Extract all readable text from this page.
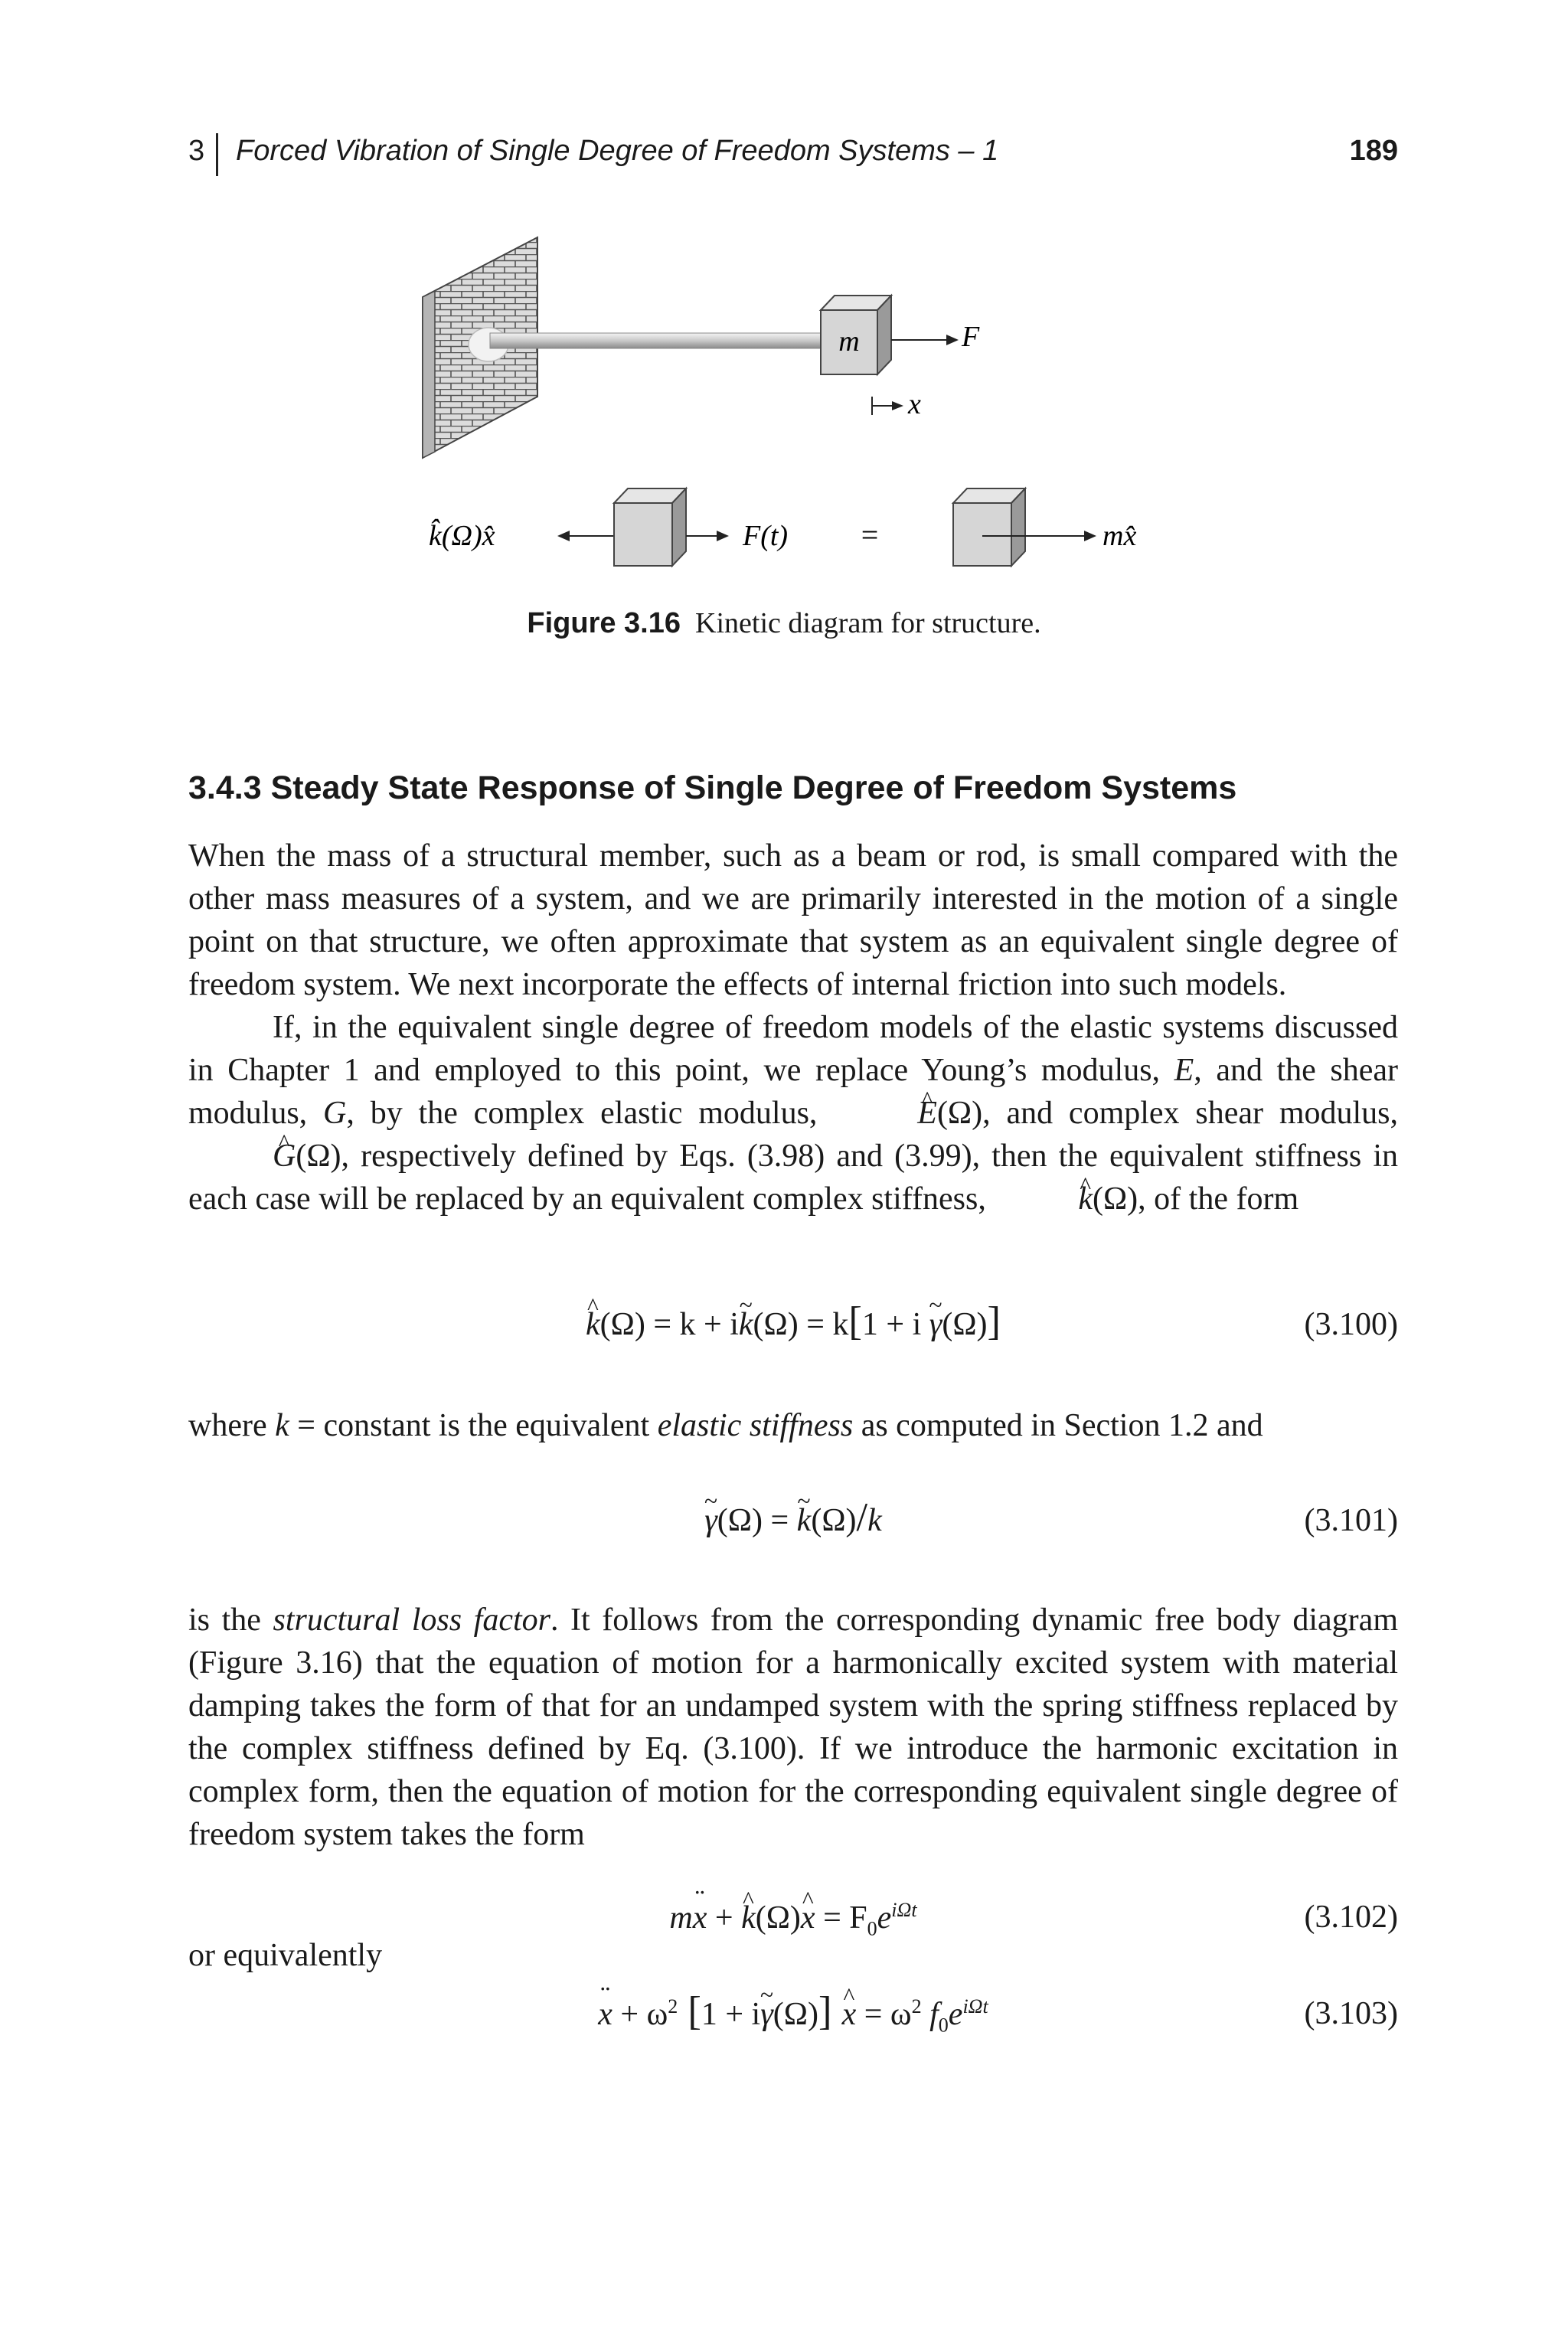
3 Forced Vibration of Single Degree of Freedom Systems – 1	189
m	F
x
k̂(Ω)x̂	F(t) =	mx̂
Figure 3.16 Kinetic diagram for structure.
3.4.3 Steady State Response of Single Degree of Freedom Systems

When the mass of a structural member, such as a beam or rod, is small compared with the other mass measures of a system, and we are primarily interested in the motion of a single point on that structure, we often approximate that system as an equivalent single degree of freedom system. We next incorporate the effects of internal friction into such models.

If, in the equivalent single degree of freedom models of the elastic systems discussed in Chapter 1 and employed to this point, we replace Young’s modulus, E, and the shear modulus, G, by the complex elastic modulus,	^ E(Ω), and complex shear modulus, ^ G(Ω), respectively defined by Eqs. (3.98) and (3.99), then the equivalent stiffness in each case will be replaced by an equivalent complex stiffness,	^ k(Ω), of the form

^ k(Ω) = k + i~ k(Ω) = k[1 + i ~ γ(Ω)]	(3.100)

where k = constant is the equivalent elastic stiffness as computed in Section 1.2 and

~ γ(Ω) = ~ k(Ω)/k	(3.101)

is the structural loss factor. It follows from the corresponding dynamic free body diagram (Figure 3.16) that the equation of motion for a harmonically excited system with material damping takes the form of that for an undamped system with the spring stiffness replaced by the complex stiffness defined by Eq. (3.100). If we introduce the harmonic excitation in complex form, then the equation of motion for the corresponding equivalent single degree of freedom system takes the form

m¨ x + ^ k(Ω)^ $x = F_0e^{i\Omega t}$	(3.102)
or equivalently
¨ $x + \omega^2$ [1 + i~ γ(Ω)] ^ $x = \omega^2$ $f_0e^{i\Omega t}$	(3.103)
